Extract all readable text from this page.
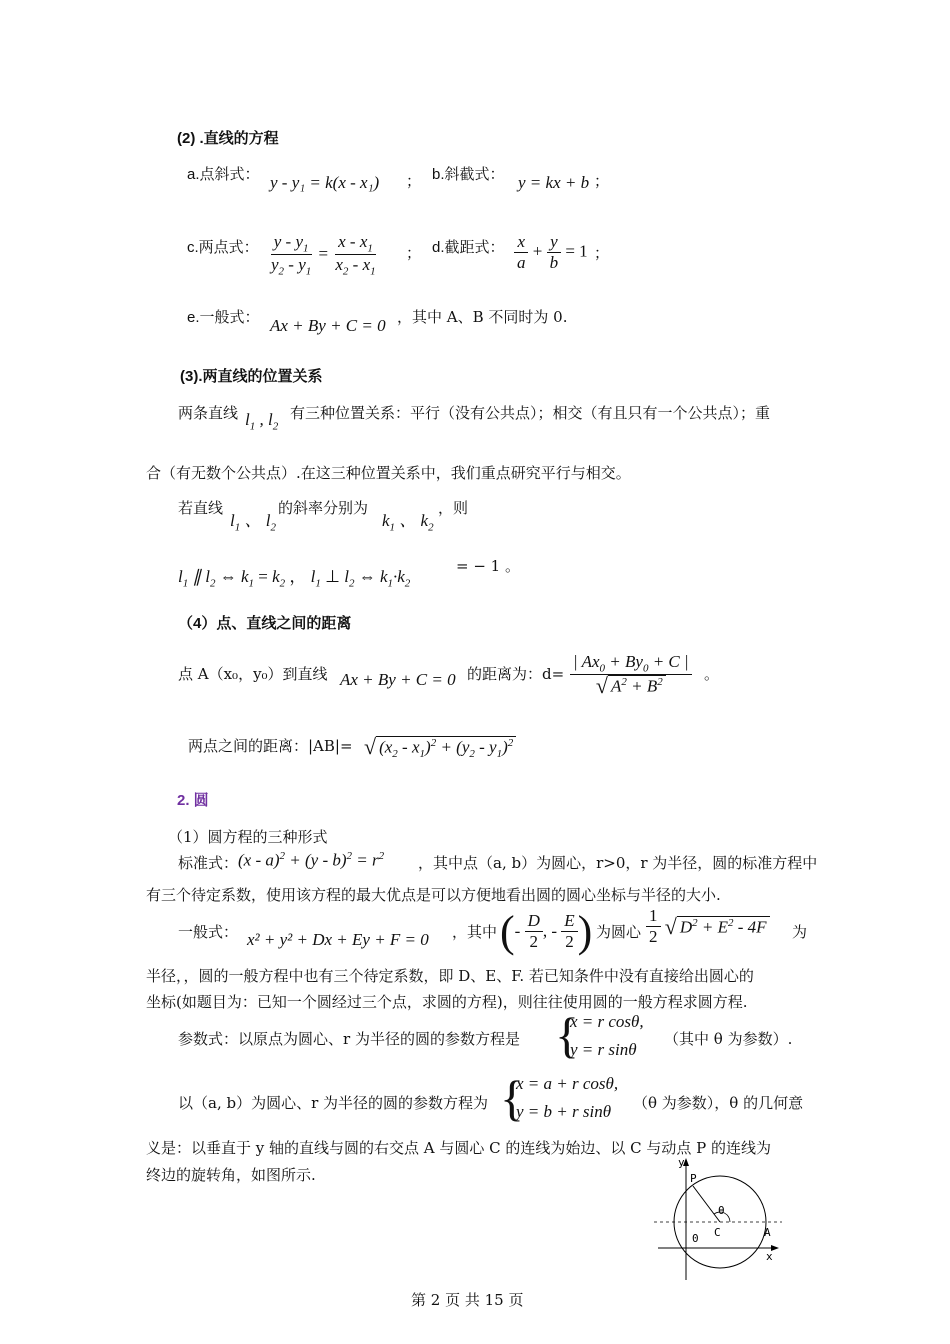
(2) .直线的方程
a.点斜式： y - y₁ = k(x - x₁) ； b.斜截式： y = kx + b ；
c.两点式： $\frac{y - y_1}{y_2 - y_1} = \frac{x - x_1}{x_2 - x_1}$ ； d.截距式： $\frac{x}{a} + \frac{y}{b} = 1$ ；
e.一般式： Ax + By + C = 0 ，其中 A、B 不同时为 0.
(3).两直线的位置关系
两条直线 $l_1$ , $l_2$
有三种位置关系：平行（没有公共点）；相交（有且只有一个公共点）；重
合（有无数个公共点）.在这三种位置关系中，我们重点研究平行与相交。
若直线
$l_1$ 、 $l_2$
的斜率分别为
$k_1$ 、 $k_2$
，则
$l_1$ ∥ $l_2$ ⇔ $k_1 = k_2$ ， $l_1$ ⊥ $l_2$ ⇔ $k_1\cdot k_2$
= − 1 。
（4）点、直线之间的距离
点 A（x₀，y₀）到直线 Ax + By + C = 0 的距离为：$d= \frac{| Ax_0 + By_0 + C |}{√ A^2 + B^2}$ 。
两点之间的距离：|AB|= √ $(x_2 - x_1)^2 + (y_2 - y_1)^2$
2. 圆
（1）圆方程的三种形式
标准式： $(x - a)^2 + (y - b)^2 = r^2$ ，其中点（a, b）为圆心，r>0，r 为半径，圆的标准方程中
有三个待定系数，使用该方程的最大优点是可以方便地看出圆的圆心坐标与半径的大小.
一般式： x² + y² + Dx + Ey + F = 0 ，其中 (- $\frac{D}{2}$ , - $\frac{E}{2}$ ) 为圆心 $\frac{1}{2}$
√ $D^2 + E^2 - 4F$ 为
半径，，圆的一般方程中也有三个待定系数，即 D、E、F. 若已知条件中没有直接给出圆心的
坐标(如题目为：已知一个圆经过三个点，求圆的方程)，则往往使用圆的一般方程求圆方程.
参数式：以原点为圆心、r 为半径的圆的参数方程是 {
x = r cosθ,
y = r sinθ
（其中 θ 为参数）.
以（a, b）为圆心、r 为半径的圆的参数方程为 {
x = a + r cosθ,
y = b + r sinθ （θ 为参数），θ 的几何意
义是：以垂直于 y 轴的直线与圆的右交点 A 与圆心 C 的连线为始边、以 C 与动点 P 的连线为
终边的旋转角，如图所示.
y
P
θ
0 C	A
x
第 2 页 共 15 页
